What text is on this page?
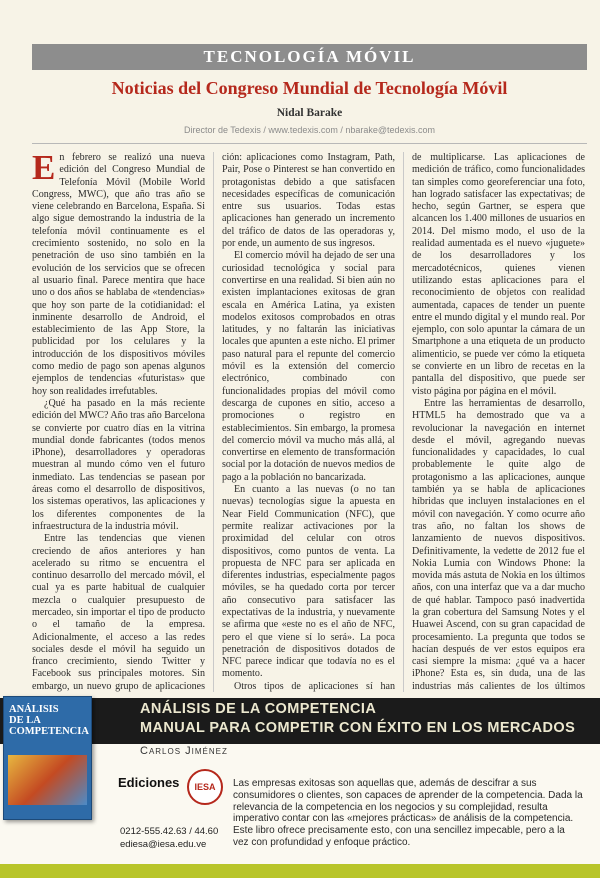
TECNOLOGÍA MÓVIL
Noticias del Congreso Mundial de Tecnología Móvil
Nidal Barake
Director de Tedexis / www.tedexis.com / nbarake@tedexis.com

En febrero se realizó una nueva edición del Congreso Mundial de Telefonía Móvil (Mobile World Congress, MWC), que año tras año se viene celebrando en Barcelona, España. Si algo sigue demostrando la industria de la telefonía móvil continuamente es el crecimiento sostenido, no solo en la penetración de uso sino también en la evolución de los servicios que se ofrecen al usuario final. Parece mentira que hace uno o dos años se hablaba de «tendencias» que hoy son parte de la cotidianidad: el inminente desarrollo de Android, el establecimiento de las App Store, la publicidad por los celulares y la introducción de los dispositivos móviles como medio de pago son apenas algunos ejemplos de tendencias «futuristas» que hoy son realidades irrefutables.

¿Qué ha pasado en la más reciente edición del MWC? Año tras año Barcelona se convierte por cuatro días en la vitrina mundial donde fabricantes (todos menos iPhone), desarrolladores y operadoras muestran al mundo cómo ven el futuro inmediato. Las tendencias se pasean por áreas como el desarrollo de dispositivos, los sistemas operativos, las aplicaciones y los diferentes componentes de la infraestructura de la industria móvil.

Entre las tendencias que vienen creciendo de años anteriores y han acelerado su ritmo se encuentra el continuo desarrollo del mercado móvil, el cual ya es parte habitual de cualquier mezcla o cualquier presupuesto de mercadeo, sin importar el tipo de producto o el tamaño de la empresa. Adicionalmente, el acceso a las redes sociales desde el móvil ha seguido un franco crecimiento, siendo Twitter y Facebook sus principales motores. Sin embargo, un nuevo grupo de aplicaciones

ción: aplicaciones como Instagram, Path, Pair, Pose o Pinterest se han convertido en protagonistas debido a que satisfacen necesidades específicas de comunicación entre sus usuarios. Todas estas aplicaciones han generado un incremento del tráfico de datos de las operadoras y, por ende, un aumento de sus ingresos.

El comercio móvil ha dejado de ser una curiosidad tecnológica y social para convertirse en una realidad. Si bien aún no existen implantaciones exitosas de gran escala en América Latina, ya existen modelos exitosos comprobados en otras latitudes, y no faltarán las iniciativas locales que apunten a este nicho. El primer paso natural para el repunte del comercio móvil es la extensión del comercio electrónico, combinado con funcionalidades propias del móvil como descarga de cupones en sitio, acceso a promociones o registro en establecimientos. Sin embargo, la promesa del comercio móvil va mucho más allá, al convertirse en elemento de transformación social por la dotación de nuevos medios de pago a la población no bancarizada.

En cuanto a las nuevas (o no tan nuevas) tecnologías sigue la apuesta en Near Field Communication (NFC), que permite realizar activaciones por la proximidad del celular con otros dispositivos, como puntos de venta. La propuesta de NFC para ser aplicada en diferentes industrias, especialmente pagos móviles, se ha quedado corta por tercer año consecutivo para satisfacer las expectativas de la industria, y nuevamente se afirma que «este no es el año de NFC, pero el que viene sí lo será». La poca penetración de dispositivos dotados de NFC parece indicar que todavía no es el momento.

Otros tipos de aplicaciones sí han

de multiplicarse. Las aplicaciones de medición de tráfico, como funcionalidades tan simples como georeferenciar una foto, han logrado satisfacer las expectativas; de hecho, según Gartner, se espera que alcancen los 1.400 millones de usuarios en 2014. Del mismo modo, el uso de la realidad aumentada es el nuevo «juguete» de los desarrolladores y los mercadotécnicos, quienes vienen utilizando estas aplicaciones para el reconocimiento de objetos con realidad aumentada, capaces de tender un puente entre el mundo digital y el mundo real. Por ejemplo, con solo apuntar la cámara de un Smartphone a una etiqueta de un producto alimenticio, se puede ver cómo la etiqueta se convierte en un libro de recetas en la pantalla del dispositivo, que puede ser visto página por página en el móvil.

Entre las herramientas de desarrollo, HTML5 ha demostrado que va a revolucionar la navegación en internet desde el móvil, agregando nuevas funcionalidades y capacidades, lo cual probablemente le quite algo de protagonismo a las aplicaciones, aunque también ya se habla de aplicaciones híbridas que incluyen instalaciones en el móvil con navegación. Y como ocurre año tras año, no faltan los shows de lanzamiento de nuevos dispositivos. Definitivamente, la vedette de 2012 fue el Nokia Lumia con Windows Phone: la movida más astuta de Nokia en los últimos años, con una interfaz que va a dar mucho de qué hablar. Tampoco pasó inadvertida la gran cobertura del Samsung Notes y el Huawei Ascend, con su gran capacidad de procesamiento. La pregunta que todos se hacían después de ver estos equipos era casi siempre la misma: ¿qué va a hacer iPhone? Esta es, sin duda, una de las industrias más calientes de los últimos

ANÁLISIS DE LA COMPETENCIA
MANUAL PARA COMPETIR CON ÉXITO EN LOS MERCADOS
Carlos Jiménez
ANÁLISIS
DE LA
COMPETENCIA
Ediciones	IESA
0212-555.42.63 / 44.60
ediesa@iesa.edu.ve
Las empresas exitosas son aquellas que, además de descifrar a sus consumidores o clientes, son capaces de aprender de la competencia. Dada la relevancia de la competencia en los negocios y su complejidad, resulta imperativo contar con las «mejores prácticas» de análisis de la competencia. Este libro ofrece precisamente esto, con una sencillez impecable, pero a la vez con profundidad y enfoque práctico.
